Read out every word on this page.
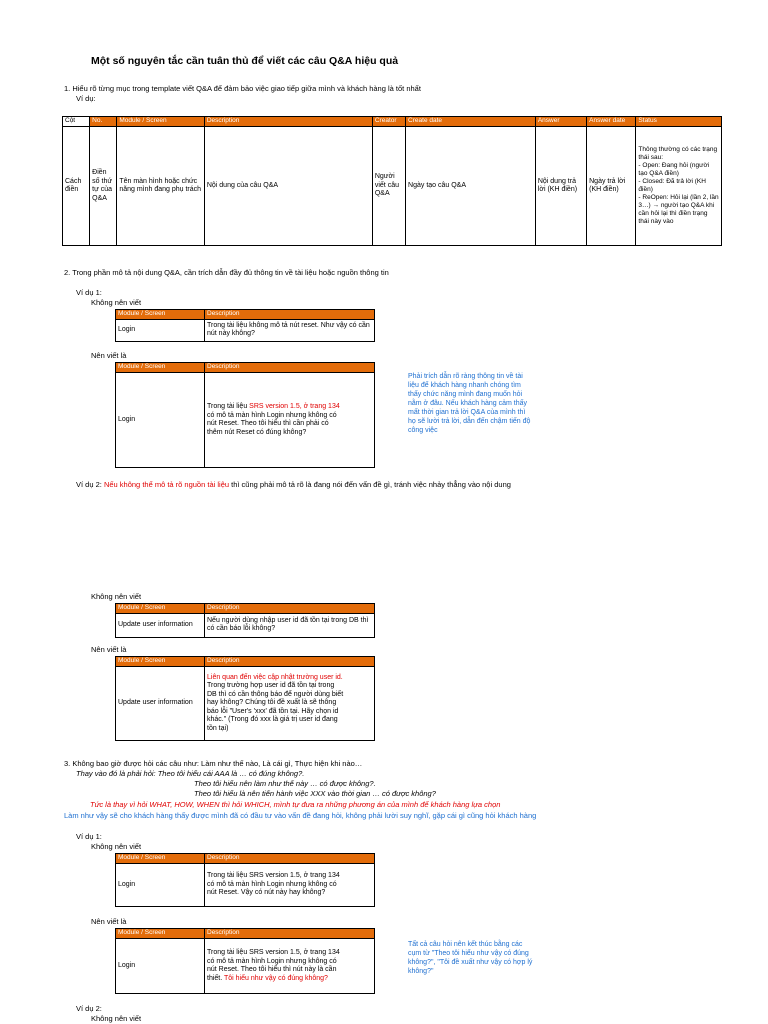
Một số nguyên tắc cần tuân thủ để viết các câu Q&A hiệu quả
1. Hiểu rõ từng mục trong template viết Q&A để đảm bảo việc giao tiếp giữa mình và khách hàng là tốt nhất
Ví dụ:
Cột	No.	Module / Screen	Description	Creator	Create date	Answer	Answer date	Status
Cách điền	Điền số thứ tự của Q&A	Tên màn hình hoặc chức năng mình đang phụ trách	Nội dung của câu Q&A	Người viết câu Q&A	Ngày tạo câu Q&A	Nội dung trả lời (KH điền)	Ngày trả lời (KH điền)	Thông thường có các trạng thái sau:
- Open: Đang hỏi (người tạo Q&A điền)
- Closed: Đã trả lời (KH điền)
- ReOpen: Hỏi lại (lần 2, lần 3…) → người tạo Q&A khi cần hỏi lại thì điền trạng thái này vào
2. Trong phần mô tả nội dung Q&A, cần trích dẫn đầy đủ thông tin về tài liệu hoặc nguồn thông tin
Ví dụ 1:
Không nên viết
Module / Screen	Description
Login	Trong tài liệu không mô tả nút reset. Như vậy có cần nút này không?
Nên viết là
Module / Screen	Description
Login	Trong tài liệu SRS version 1.5, ở trang 134 có mô tả màn hình Login nhưng không có nút Reset. Theo tôi hiểu thì cần phải có thêm nút Reset có đúng không?
Phải trích dẫn rõ ràng thông tin về tài liệu để khách hàng nhanh chóng tìm thấy chức năng mình đang muốn hỏi nằm ở đâu. Nếu khách hàng cảm thấy mất thời gian trả lời Q&A của mình thì họ sẽ lười trả lời, dẫn đến chậm tiến độ công việc
Ví dụ 2: Nếu không thể mô tả rõ nguồn tài liệu thì cũng phải mô tả rõ là đang nói đến vấn đề gì, tránh việc nhảy thẳng vào nội dung
Không nên viết
Module / Screen	Description
Update user information	Nếu người dùng nhập user id đã tồn tại trong DB thì có cần báo lỗi không?
Nên viết là
Module / Screen	Description
Update user information	Liên quan đến việc cập nhật trường user id. Trong trường hợp user id đã tồn tại trong DB thì có cần thông báo để người dùng biết hay không? Chúng tôi đề xuất là sẽ thông báo lỗi "User's 'xxx' đã tồn tại. Hãy chọn id khác." (Trong đó xxx là giá trị user id đang tồn tại)
3. Không bao giờ được hỏi các câu như: Làm như thế nào, Là cái gì, Thực hiện khi nào…
Thay vào đó là phải hỏi: Theo tôi hiểu cái AAA là … có đúng không?.
Theo tôi hiểu nên làm như thế này … có được không?.
Theo tôi hiểu là nên tiến hành việc XXX vào thời gian … có được không?
Tức là thay vì hỏi WHAT, HOW, WHEN thì hỏi WHICH, mình tự đưa ra những phương án của mình để khách hàng lựa chọn
Làm như vậy sẽ cho khách hàng thấy được mình đã có đầu tư vào vấn đề đang hỏi, không phải lười suy nghĩ, gặp cái gì cũng hỏi khách hàng
Ví dụ 1:
Không nên viết
Module / Screen	Description
Login	Trong tài liệu SRS version 1.5, ở trang 134 có mô tả màn hình Login nhưng không có nút Reset. Vậy có nút này hay không?
Nên viết là
Module / Screen	Description
Login	Trong tài liệu SRS version 1.5, ở trang 134 có mô tả màn hình Login nhưng không có nút Reset. Theo tôi hiểu thì nút này là cần thiết. Tôi hiểu như vậy có đúng không?
Tất cả câu hỏi nên kết thúc bằng các cụm từ "Theo tôi hiểu như vậy có đúng không?", "Tôi đề xuất như vậy có hợp lý không?"
Ví dụ 2:
Không nên viết
